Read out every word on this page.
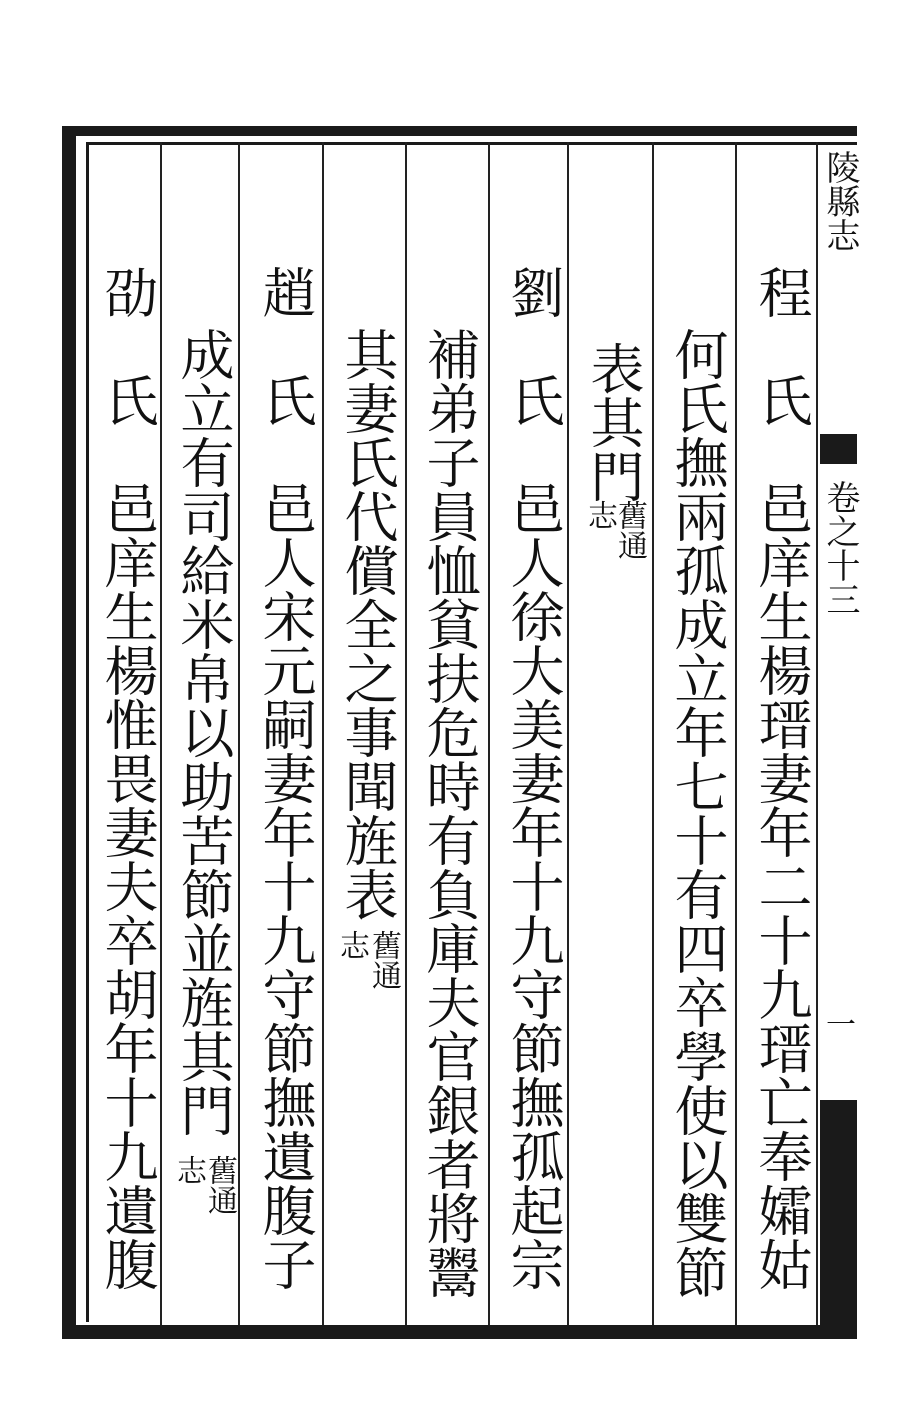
陵縣志
卷之十三
一
程　氏　邑庠生楊瑨妻年二十九瑨亡奉孀姑
何氏撫兩孤成立年七十有四卒學使以雙節
表其門
舊通
志
劉　氏　邑人徐大美妻年十九守節撫孤起宗
補弟子員恤貧扶危時有負庫夫官銀者將鬻
其妻氏代償全之事聞旌表
舊通
志
趙　氏　邑人宋元嗣妻年十九守節撫遺腹子
成立有司給米帛以助苦節並旌其門
舊通
志
劭　氏　邑庠生楊惟畏妻夫卒胡年十九遺腹
